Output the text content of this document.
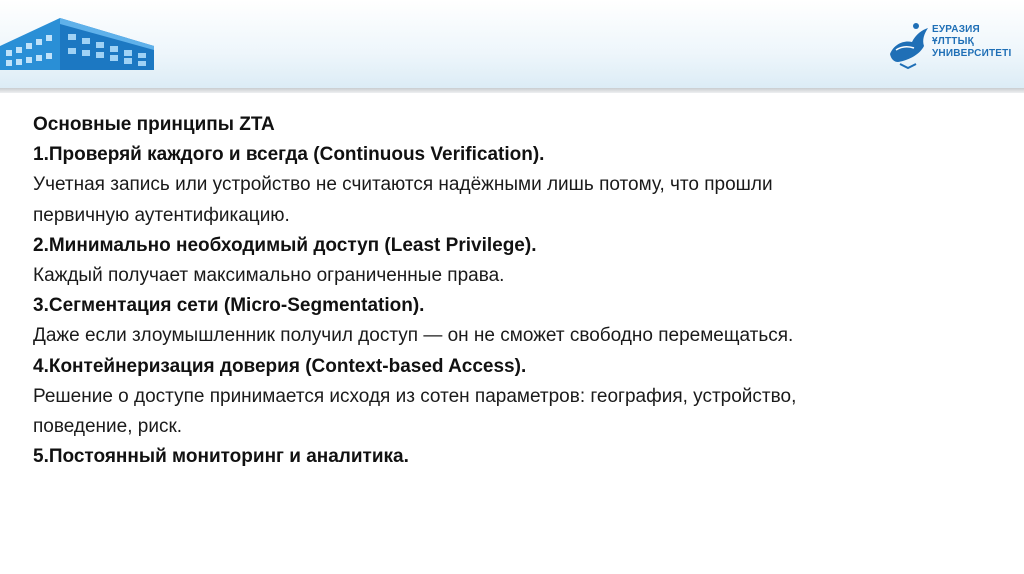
ЕУРАЗИЯ
ҰЛТТЫҚ
УНИВЕРСИТЕТІ
Основные принципы ZTA
1.Проверяй каждого и всегда (Continuous Verification).
Учетная запись или устройство не считаются надёжными лишь потому, что прошли
первичную аутентификацию.
2.Минимально необходимый доступ (Least Privilege).
Каждый получает максимально ограниченные права.
3.Сегментация сети (Micro-Segmentation).
Даже если злоумышленник получил доступ — он не сможет свободно перемещаться.
4.Контейнеризация доверия (Context-based Access).
Решение о доступе принимается исходя из сотен параметров: география, устройство,
поведение, риск.
5.Постоянный мониторинг и аналитика.
